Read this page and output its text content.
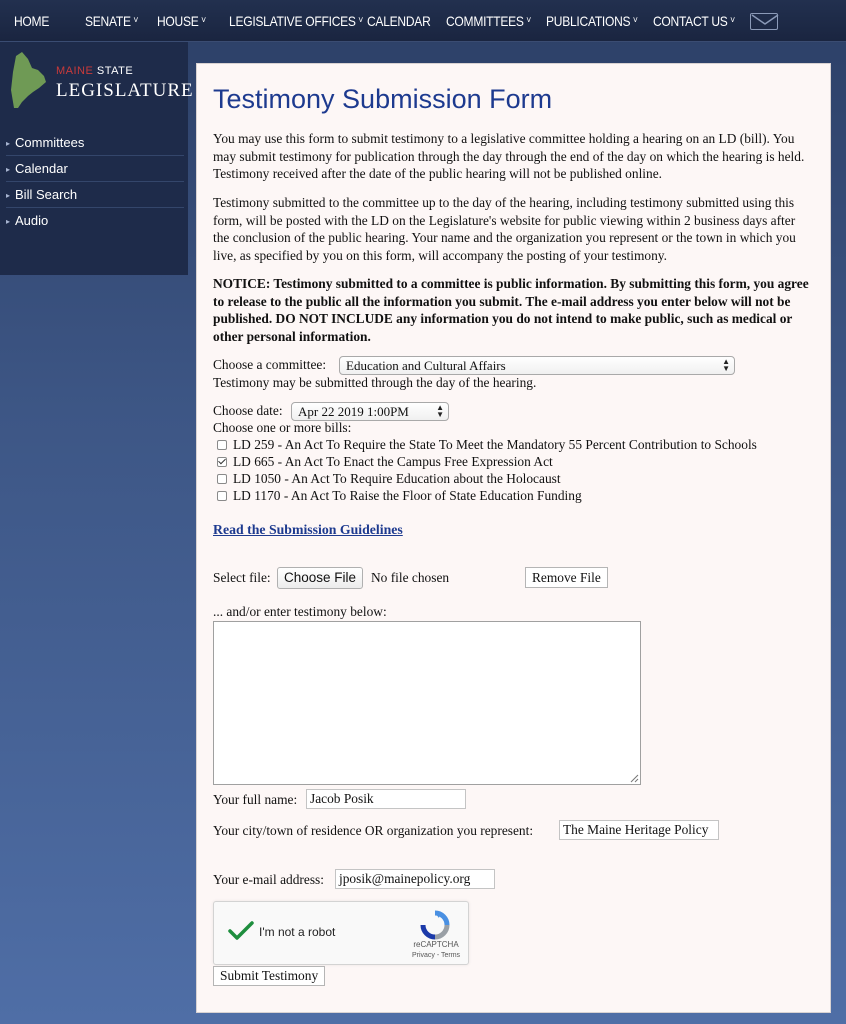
HOME	SENATE ˅ HOUSE ˅ LEGISLATIVE OFFICES ˅ CALENDAR COMMITTEES ˅ PUBLICATIONS ˅ CONTACT US ˅
MAINE STATE
LEGISLATURE
▸ Committees
▸ Calendar
▸ Bill Search
▸ Audio
Testimony Submission Form
You may use this form to submit testimony to a legislative committee holding a hearing on an LD (bill). You may submit testimony for publication through the day through the end of the day on which the hearing is held. Testimony received after the date of the public hearing will not be published online.
Testimony submitted to the committee up to the day of the hearing, including testimony submitted using this form, will be posted with the LD on the Legislature's website for public viewing within 2 business days after the conclusion of the public hearing. Your name and the organization you represent or the town in which you live, as specified by you on this form, will accompany the posting of your testimony.
NOTICE: Testimony submitted to a committee is public information. By submitting this form, you agree to release to the public all the information you submit. The e-mail address you enter below will not be published. DO NOT INCLUDE any information you do not intend to make public, such as medical or other personal information.
Choose a committee:	Education and Cultural Affairs	▲
▼
Testimony may be submitted through the day of the hearing.
Choose date:	Apr 22 2019 1:00PM	▲
▼
Choose one or more bills:
LD 259 - An Act To Require the State To Meet the Mandatory 55 Percent Contribution to Schools
LD 665 - An Act To Enact the Campus Free Expression Act
LD 1050 - An Act To Require Education about the Holocaust
LD 1170 - An Act To Raise the Floor of State Education Funding
Read the Submission Guidelines
Select file: Choose File	No file chosen	Remove File
... and/or enter testimony below:
Your full name: Jacob Posik
Your city/town of residence OR organization you represent: The Maine Heritage Policy
Your e-mail address: jposik@mainepolicy.org
I'm not a robot
reCAPTCHA
Privacy - Terms
Submit Testimony
